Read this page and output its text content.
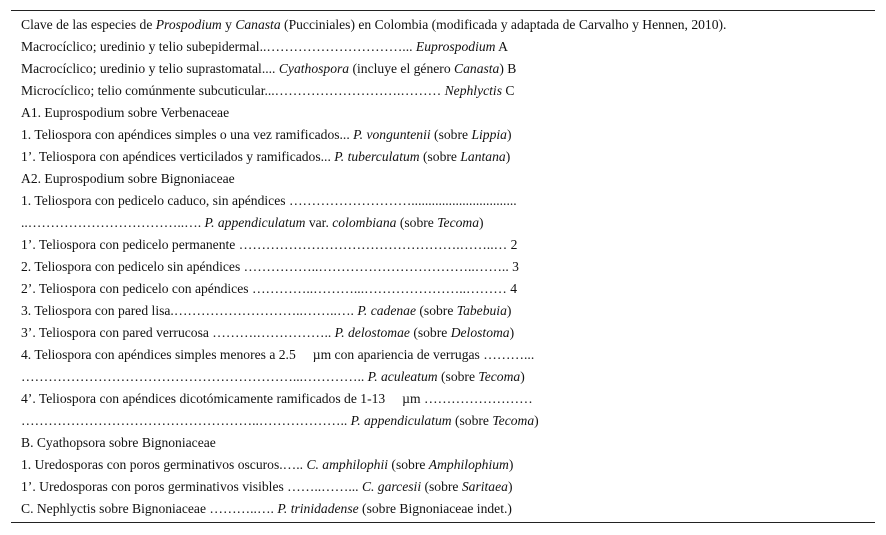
Clave de las especies de Prospodium y Canasta (Pucciniales) en Colombia (modificada y adaptada de Carvalho y Hennen, 2010).
Macrocíclico; uredinio y telio subepidermal..…………………………... Euprospodium A
Macrocíclico; uredinio y telio suprastomatal.... Cyathospora (incluye el género Canasta) B
Microcíclico; telio comúnmente subcuticular...……………………….……… Nephlyctis C
A1. Euprospodium sobre Verbenaceae
1. Teliospora con apéndices simples o una vez ramificados... P. vonguntenii (sobre Lippia)
1’. Teliospora con apéndices verticilados y ramificados... P. tuberculatum (sobre Lantana)
A2. Euprospodium sobre Bignoniaceae
1. Teliospora con pedicelo caduco, sin apéndices ………………………...............................
..……………………………..…. P. appendiculatum var. colombiana (sobre Tecoma)
1’. Teliospora con pedicelo permanente ………………………………………….……..… 2
2. Teliospora con pedicelo sin apéndices ……………..……………………………..…….. 3
2’. Teliospora con pedicelo con apéndices …………..………...…………………..……… 4
3. Teliospora con pared lisa.………………………..……..…. P. cadenae (sobre Tabebuia)
3’. Teliospora con pared verrucosa ……….…………….. P. delostomae (sobre Delostoma)
4. Teliospora con apéndices simples menores a 2.5     µm con apariencia de verrugas ………...
……………………………………………………...………….. P. aculeatum (sobre Tecoma)
4’. Teliospora con apéndices dicotómicamente ramificados de 1-13     µm ……………………
……………………………………………..……………….. P. appendiculatum (sobre Tecoma)
B. Cyathopsora sobre Bignoniaceae
1. Uredosporas con poros germinativos oscuros.….. C. amphilophii (sobre Amphilophium)
1’. Uredosporas con poros germinativos visibles ……..……... C. garcesii (sobre Saritaea)
C. Nephlyctis sobre Bignoniaceae ………..…. P. trinidadense (sobre Bignoniaceae indet.)
